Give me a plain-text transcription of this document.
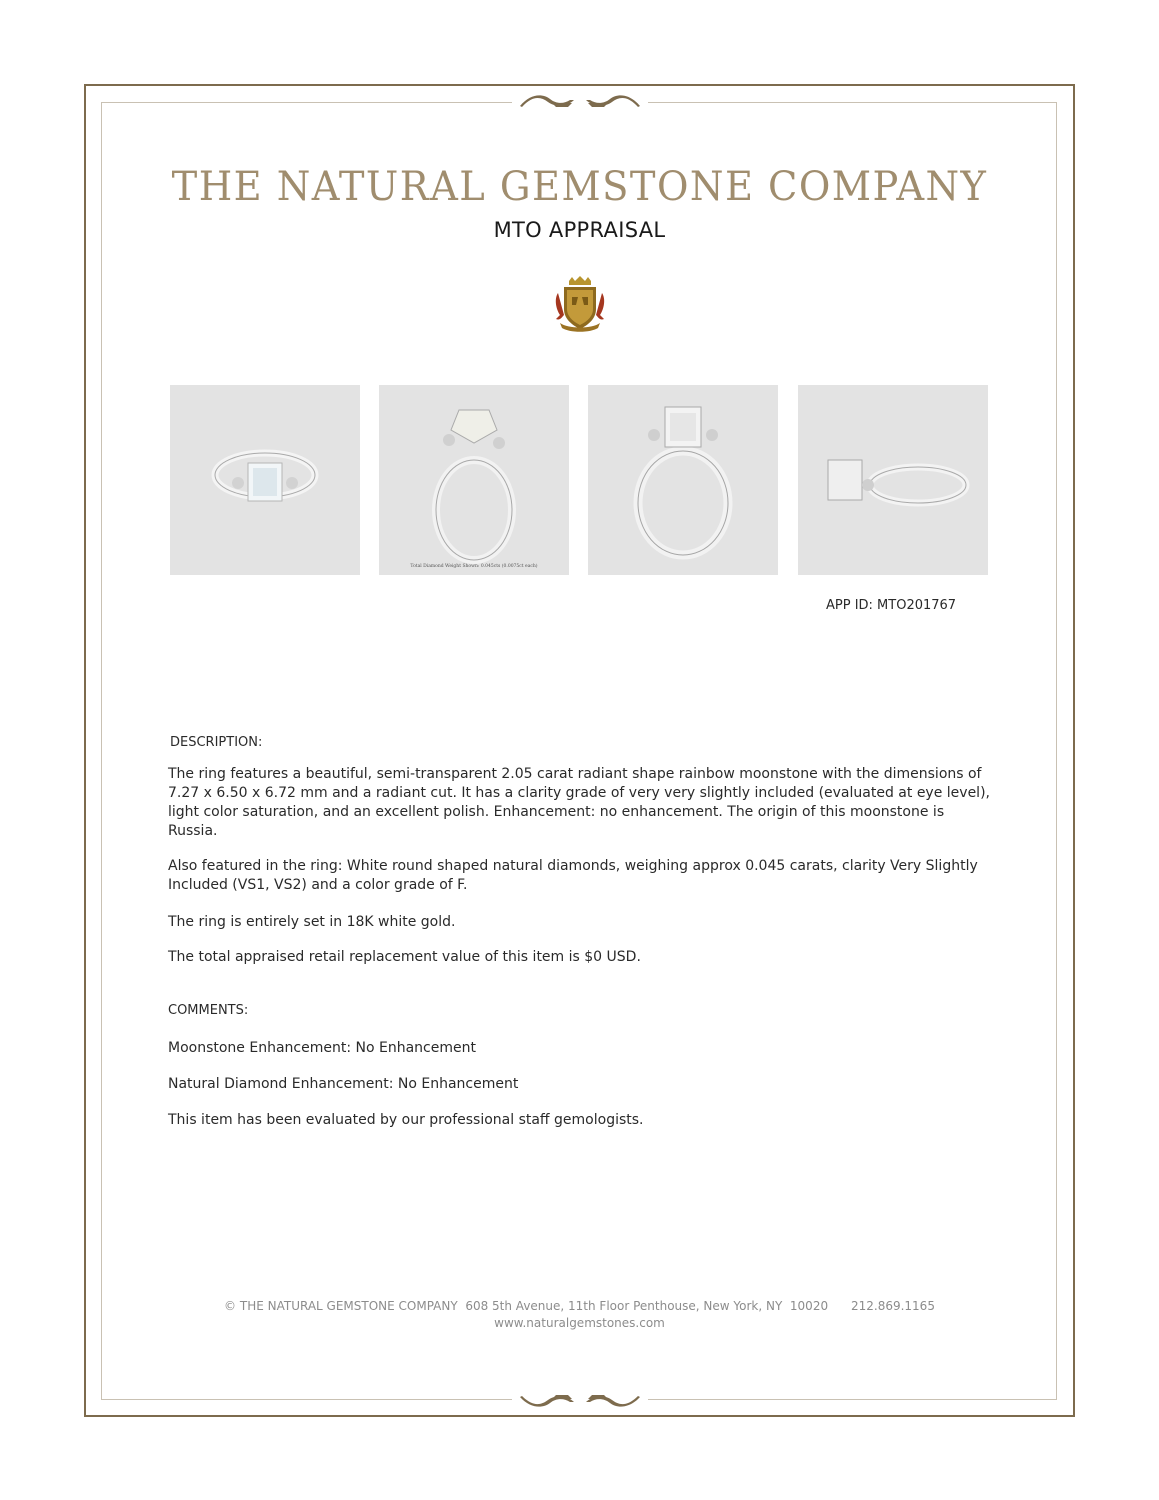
THE NATURAL GEMSTONE COMPANY
MTO APPRAISAL
Total Diamond Weight Shown: 0.045cts (0.0075ct each)
APP ID: MTO201767
DESCRIPTION:
The ring features a beautiful, semi-transparent 2.05 carat radiant shape rainbow moonstone with the dimensions of 7.27 x 6.50 x 6.72 mm and a radiant cut. It has a clarity grade of very very slightly included (evaluated at eye level), light color saturation, and an excellent polish. Enhancement: no enhancement. The origin of this moonstone is Russia.
Also featured in the ring: White round shaped natural diamonds, weighing approx 0.045 carats, clarity Very Slightly Included (VS1, VS2) and a color grade of F.
The ring is entirely set in 18K white gold.
The total appraised retail replacement value of this item is $0 USD.
COMMENTS:
Moonstone Enhancement: No Enhancement
Natural Diamond Enhancement: No Enhancement
This item has been evaluated by our professional staff gemologists.
© THE NATURAL GEMSTONE COMPANY  608 5th Avenue, 11th Floor Penthouse, New York, NY  10020      212.869.1165
www.naturalgemstones.com
